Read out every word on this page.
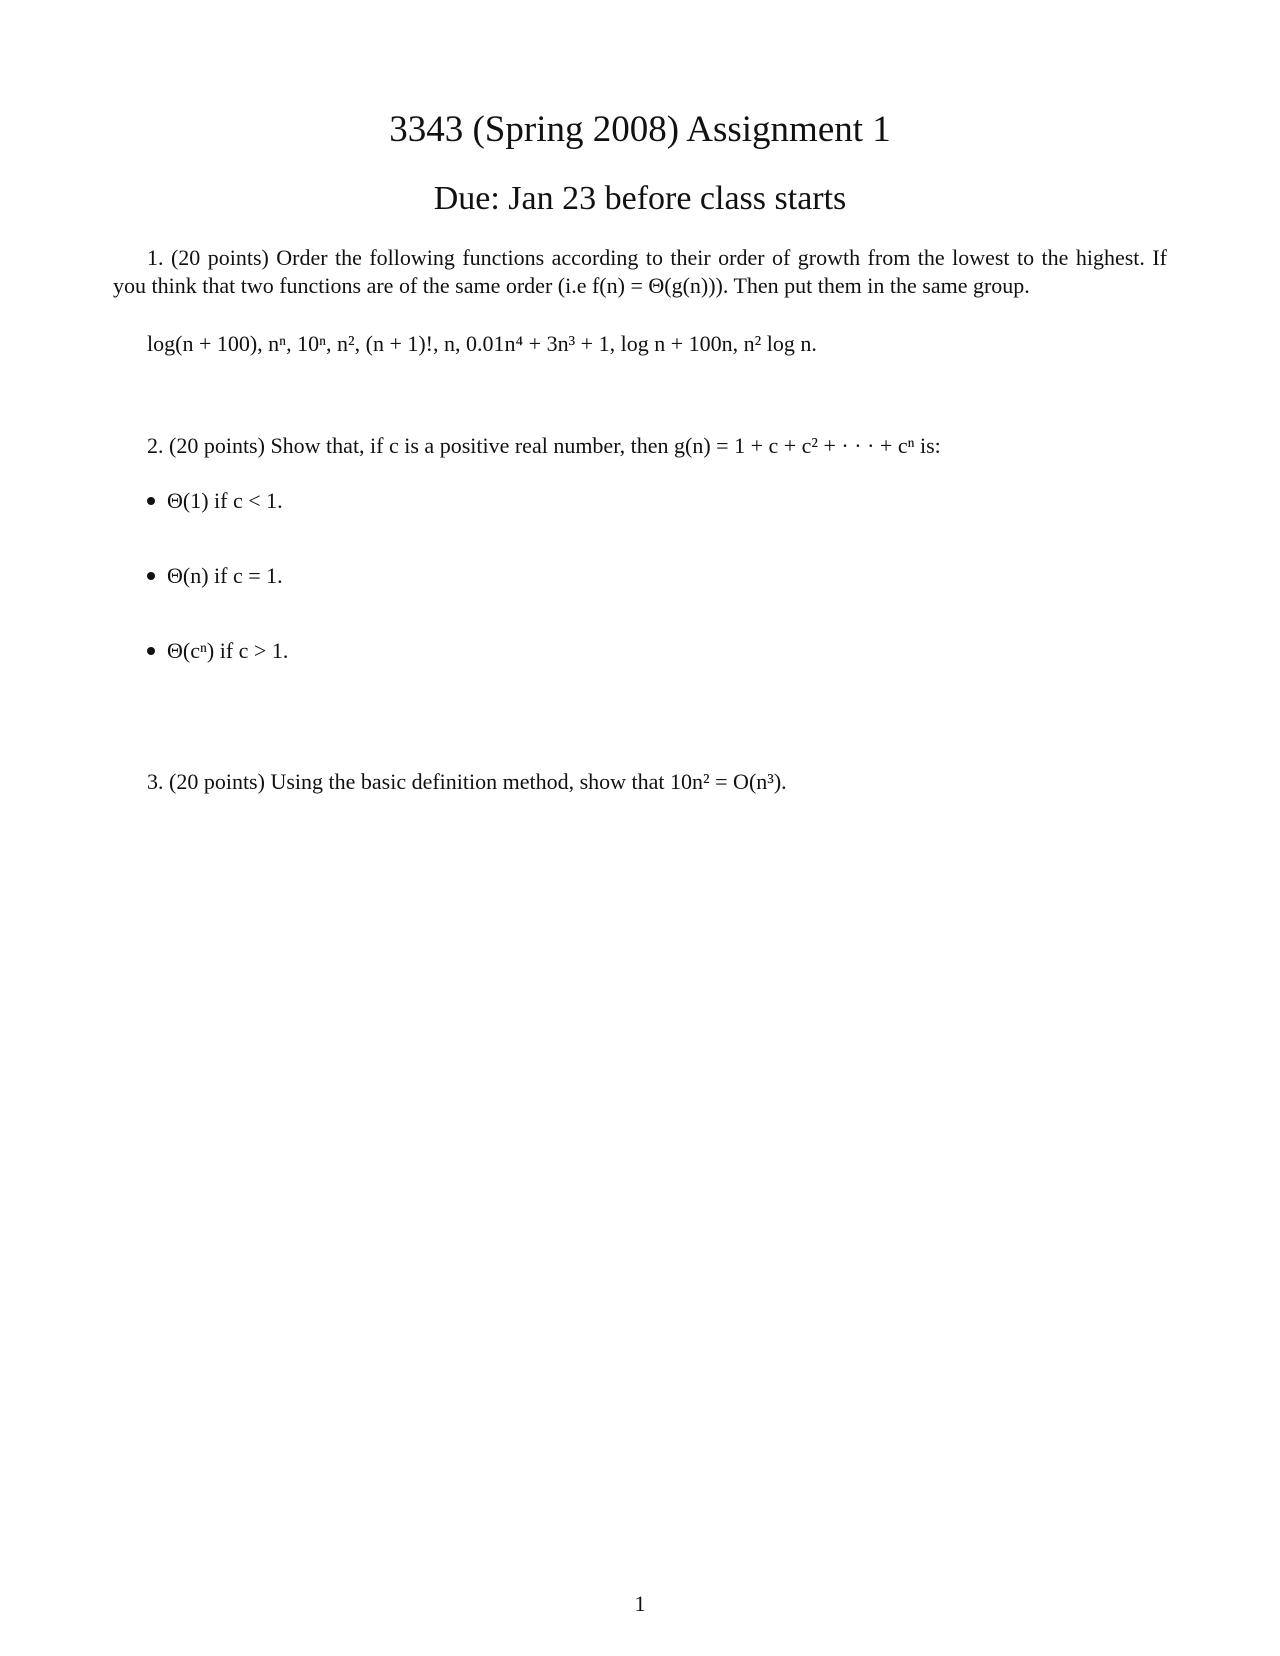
3343 (Spring 2008) Assignment 1
Due: Jan 23 before class starts
1. (20 points) Order the following functions according to their order of growth from the lowest to the highest. If you think that two functions are of the same order (i.e f(n) = Θ(g(n))). Then put them in the same group.
log(n + 100), nⁿ, 10ⁿ, n², (n + 1)!, n, 0.01n⁴ + 3n³ + 1, log n + 100n, n² log n.
2. (20 points) Show that, if c is a positive real number, then g(n) = 1 + c + c² + · · · + cⁿ is:
Θ(1) if c < 1.
Θ(n) if c = 1.
Θ(cⁿ) if c > 1.
3. (20 points) Using the basic definition method, show that 10n² = O(n³).
1
